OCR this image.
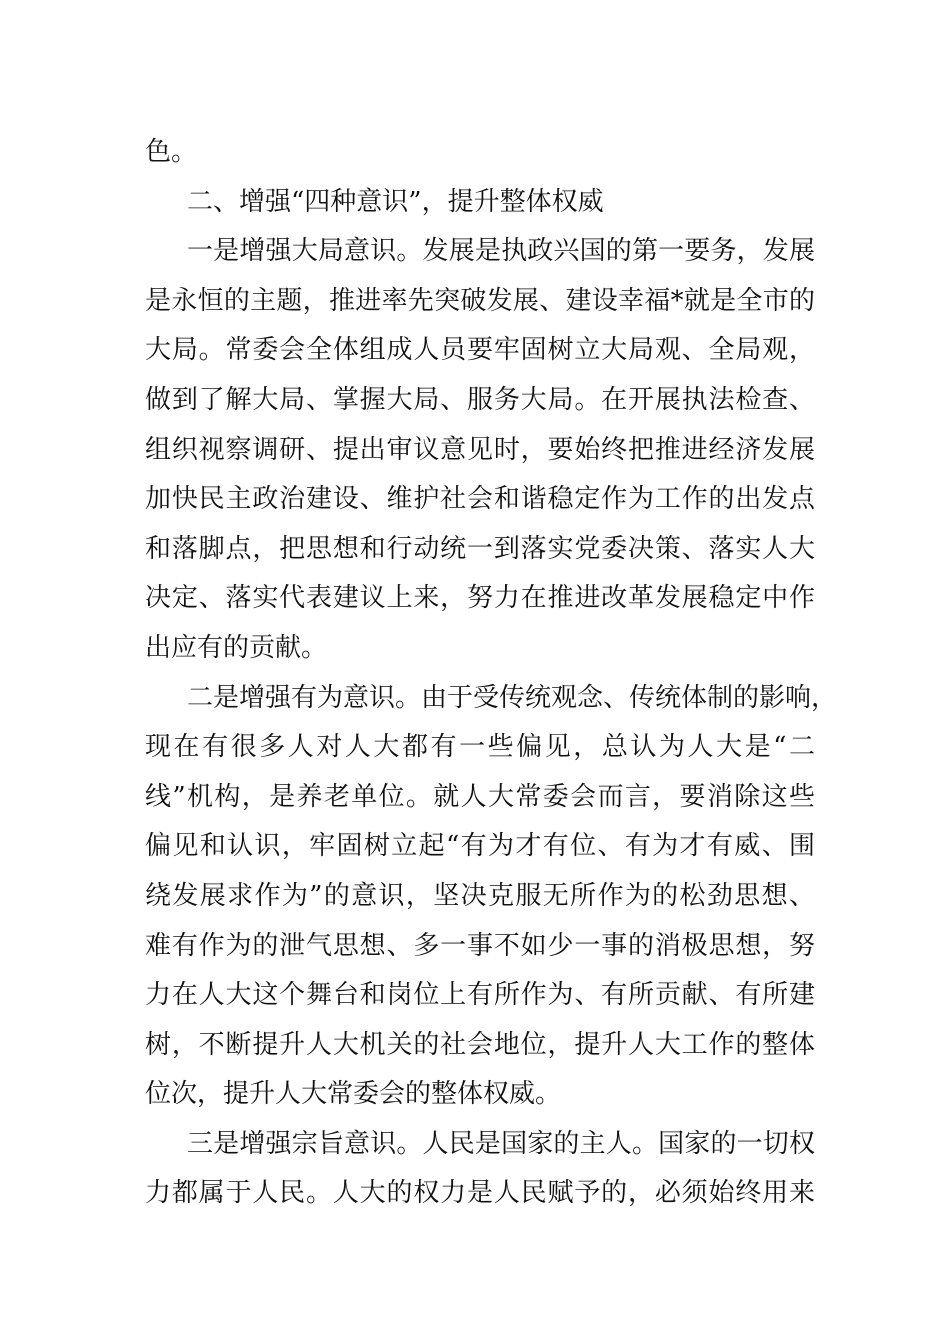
色。
二、增强“四种意识”，提升整体权威
一是增强大局意识。发展是执政兴国的第一要务，发展
是永恒的主题，推进率先突破发展、建设幸福*就是全市的
大局。常委会全体组成人员要牢固树立大局观、全局观，
做到了解大局、掌握大局、服务大局。在开展执法检查、
组织视察调研、提出审议意见时，要始终把推进经济发展
加快民主政治建设、维护社会和谐稳定作为工作的出发点
和落脚点，把思想和行动统一到落实党委决策、落实人大
决定、落实代表建议上来，努力在推进改革发展稳定中作
出应有的贡献。
二是增强有为意识。由于受传统观念、传统体制的影响，
现在有很多人对人大都有一些偏见，总认为人大是“二
线”机构，是养老单位。就人大常委会而言，要消除这些
偏见和认识，牢固树立起“有为才有位、有为才有威、围
绕发展求作为”的意识，坚决克服无所作为的松劲思想、
难有作为的泄气思想、多一事不如少一事的消极思想，努
力在人大这个舞台和岗位上有所作为、有所贡献、有所建
树，不断提升人大机关的社会地位，提升人大工作的整体
位次，提升人大常委会的整体权威。
三是增强宗旨意识。人民是国家的主人。国家的一切权
力都属于人民。人大的权力是人民赋予的，必须始终用来
